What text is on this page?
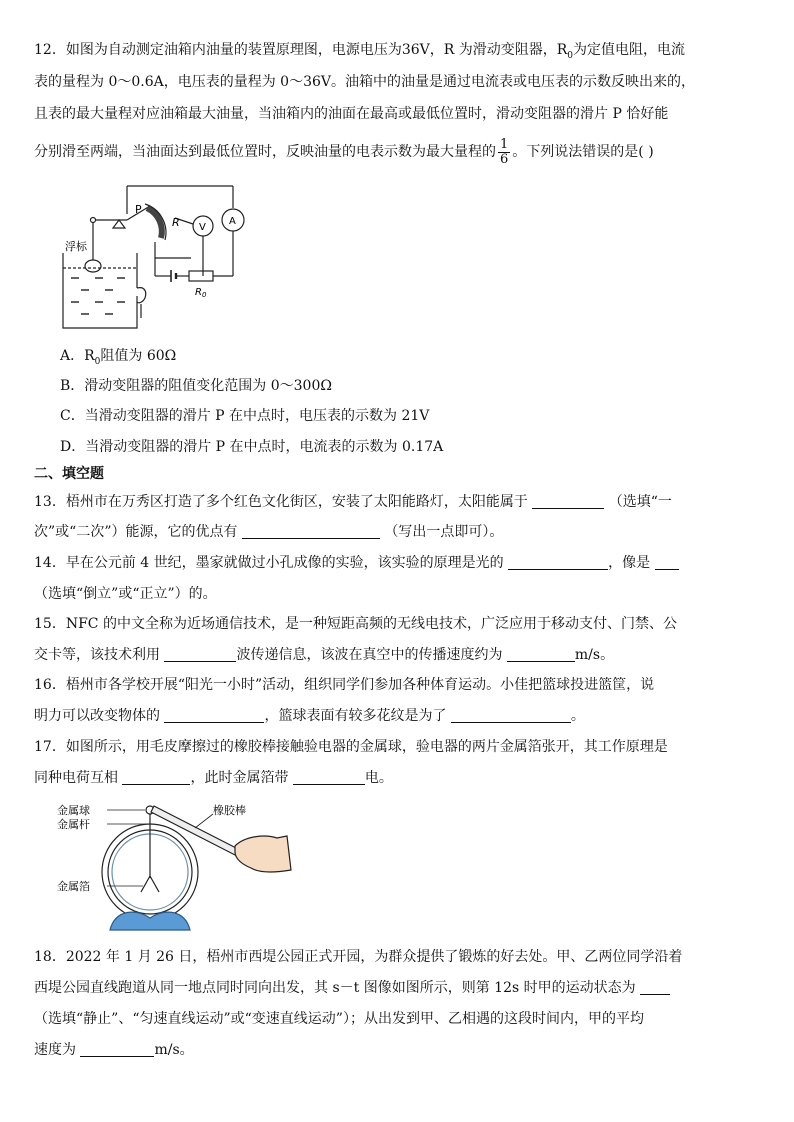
12．如图为自动测定油箱内油量的装置原理图，电源电压为36V，R 为滑动变阻器，$R_0$为定值电阻，电流
表的量程为 0～0.6A，电压表的量程为 0～36V。油箱中的油量是通过电流表或电压表的示数反映出来的，
且表的最大量程对应油箱最大油量，当油箱内的油面在最高或最低位置时，滑动变阻器的滑片 P 恰好能
分别滑至两端，当油面达到最低位置时，反映油量的电表示数为最大量程的 $\frac{1}{6}$ 。下列说法错误的是( )
浮标
P
R	A
V
$R_0$
A．$R_0$阻值为 60Ω
B．滑动变阻器的阻值变化范围为 0～300Ω
C．当滑动变阻器的滑片 P 在中点时，电压表的示数为 21V
D．当滑动变阻器的滑片 P 在中点时，电流表的示数为 0.17A
二、填空题
13．梧州市在万秀区打造了多个红色文化街区，安装了太阳能路灯，太阳能属于	（选填“一
次”或“二次”）能源，它的优点有	（写出一点即可）。
14．早在公元前 4 世纪，墨家就做过小孔成像的实验，该实验的原理是光的	，像是
（选填“倒立”或“正立”）的。
15．NFC 的中文全称为近场通信技术，是一种短距高频的无线电技术，广泛应用于移动支付、门禁、公
交卡等，该技术利用	波传递信息，该波在真空中的传播速度约为	m/s。
16．梧州市各学校开展“阳光一小时”活动，组织同学们参加各种体育运动。小佳把篮球投进篮筐，说
明力可以改变物体的	，篮球表面有较多花纹是为了	。
17．如图所示，用毛皮摩擦过的橡胶棒接触验电器的金属球，验电器的两片金属箔张开，其工作原理是
同种电荷互相	，此时金属箔带	电。
金属球
金属杆
金属箔
橡胶棒
18．2022 年 1 月 26 日，梧州市西堤公园正式开园，为群众提供了锻炼的好去处。甲、乙两位同学沿着
西堤公园直线跑道从同一地点同时同向出发，其 s－t 图像如图所示，则第 12s 时甲的运动状态为
（选填“静止”、“匀速直线运动”或“变速直线运动”）；从出发到甲、乙相遇的这段时间内，甲的平均
速度为	m/s。
